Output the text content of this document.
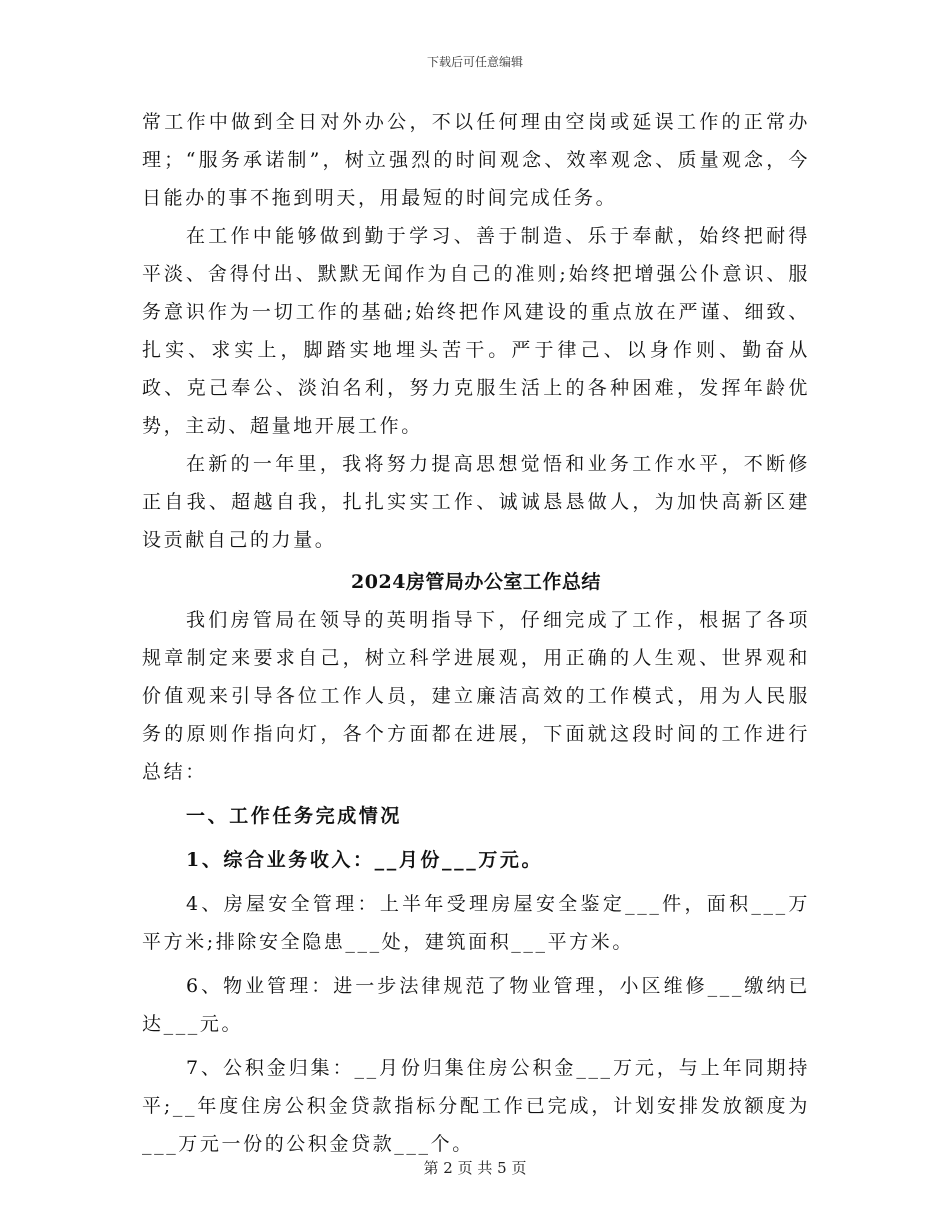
下载后可任意编辑

常工作中做到全日对外办公，不以任何理由空岗或延误工作的正常办理；“服务承诺制”，树立强烈的时间观念、效率观念、质量观念，今日能办的事不拖到明天，用最短的时间完成任务。

在工作中能够做到勤于学习、善于制造、乐于奉献，始终把耐得平淡、舍得付出、默默无闻作为自己的准则;始终把增强公仆意识、服务意识作为一切工作的基础;始终把作风建设的重点放在严谨、细致、扎实、求实上，脚踏实地埋头苦干。严于律己、以身作则、勤奋从政、克己奉公、淡泊名利，努力克服生活上的各种困难，发挥年龄优势，主动、超量地开展工作。

在新的一年里，我将努力提高思想觉悟和业务工作水平，不断修正自我、超越自我，扎扎实实工作、诚诚恳恳做人，为加快高新区建设贡献自己的力量。

2024房管局办公室工作总结

我们房管局在领导的英明指导下，仔细完成了工作，根据了各项规章制定来要求自己，树立科学进展观，用正确的人生观、世界观和价值观来引导各位工作人员，建立廉洁高效的工作模式，用为人民服务的原则作指向灯，各个方面都在进展，下面就这段时间的工作进行总结：

一、工作任务完成情况

1、综合业务收入：__月份___万元。

4、房屋安全管理：上半年受理房屋安全鉴定___件，面积___万平方米;排除安全隐患___处，建筑面积___平方米。

6、物业管理：进一步法律规范了物业管理，小区维修___缴纳已达___元。

7、公积金归集：__月份归集住房公积金___万元，与上年同期持平;__年度住房公积金贷款指标分配工作已完成，计划安排发放额度为___万元一份的公积金贷款___个。

第 2 页 共 5 页
